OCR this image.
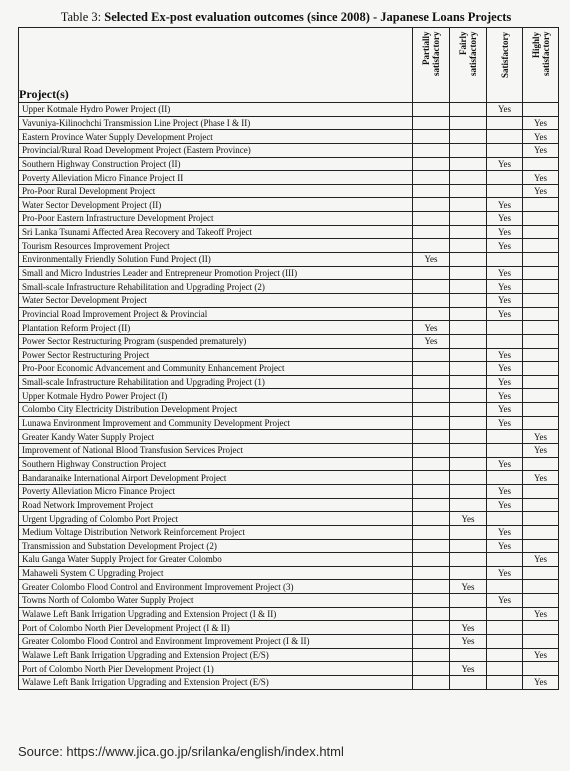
Table 3: Selected Ex-post evaluation outcomes (since 2008) - Japanese Loans Projects
Project(s)	Partially satisfactory	Fairly satisfactory	Satisfactory	Highly satisfactory

Upper Kotmale Hydro Power Project (II)			Yes	
Vavuniya-Kilinochchi Transmission Line Project (Phase I & II)				Yes
Eastern Province Water Supply Development Project				Yes
Provincial/Rural Road Development Project (Eastern Province)				Yes
Southern Highway Construction Project (II)			Yes	
Poverty Alleviation Micro Finance Project II				Yes
Pro-Poor Rural Development Project				Yes
Water Sector Development Project (II)			Yes	
Pro-Poor Eastern Infrastructure Development Project			Yes	
Sri Lanka Tsunami Affected Area Recovery and Takeoff Project			Yes	
Tourism Resources Improvement Project			Yes	
Environmentally Friendly Solution Fund Project (II)	Yes			
Small and Micro Industries Leader and Entrepreneur Promotion Project (III)			Yes	
Small-scale Infrastructure Rehabilitation and Upgrading Project (2)			Yes	
Water Sector Development Project			Yes	
Provincial Road Improvement Project & Provincial			Yes	
Plantation Reform Project (II)	Yes			
Power Sector Restructuring Program (suspended prematurely)	Yes			
Power Sector Restructuring Project			Yes	
Pro-Poor Economic Advancement and Community Enhancement Project			Yes	
Small-scale Infrastructure Rehabilitation and Upgrading Project (1)			Yes	
Upper Kotmale Hydro Power Project (I)			Yes	
Colombo City Electricity Distribution Development Project			Yes	
Lunawa Environment Improvement and Community Development Project			Yes	
Greater Kandy Water Supply Project				Yes
Improvement of National Blood Transfusion Services Project				Yes
Southern Highway Construction Project			Yes	
Bandaranaike International Airport Development Project				Yes
Poverty Alleviation Micro Finance Project			Yes	
Road Network Improvement Project			Yes	
Urgent Upgrading of Colombo Port Project		Yes		
Medium Voltage Distribution Network Reinforcement Project			Yes	
Transmission and Substation Development Project (2)			Yes	
Kalu Ganga Water Supply Project for Greater Colombo				Yes
Mahaweli System C Upgrading Project			Yes	
Greater Colombo Flood Control and Environment Improvement Project (3)		Yes		
Towns North of Colombo Water Supply Project			Yes	
Walawe Left Bank Irrigation Upgrading and Extension Project (I & II)				Yes
Port of Colombo North Pier Development Project (I & II)		Yes		
Greater Colombo Flood Control and Environment Improvement Project (I & II)		Yes		
Walawe Left Bank Irrigation Upgrading and Extension Project (E/S)				Yes
Port of Colombo North Pier Development Project (1)		Yes		
Walawe Left Bank Irrigation Upgrading and Extension Project (E/S)				Yes
Source: https://www.jica.go.jp/srilanka/english/index.html
